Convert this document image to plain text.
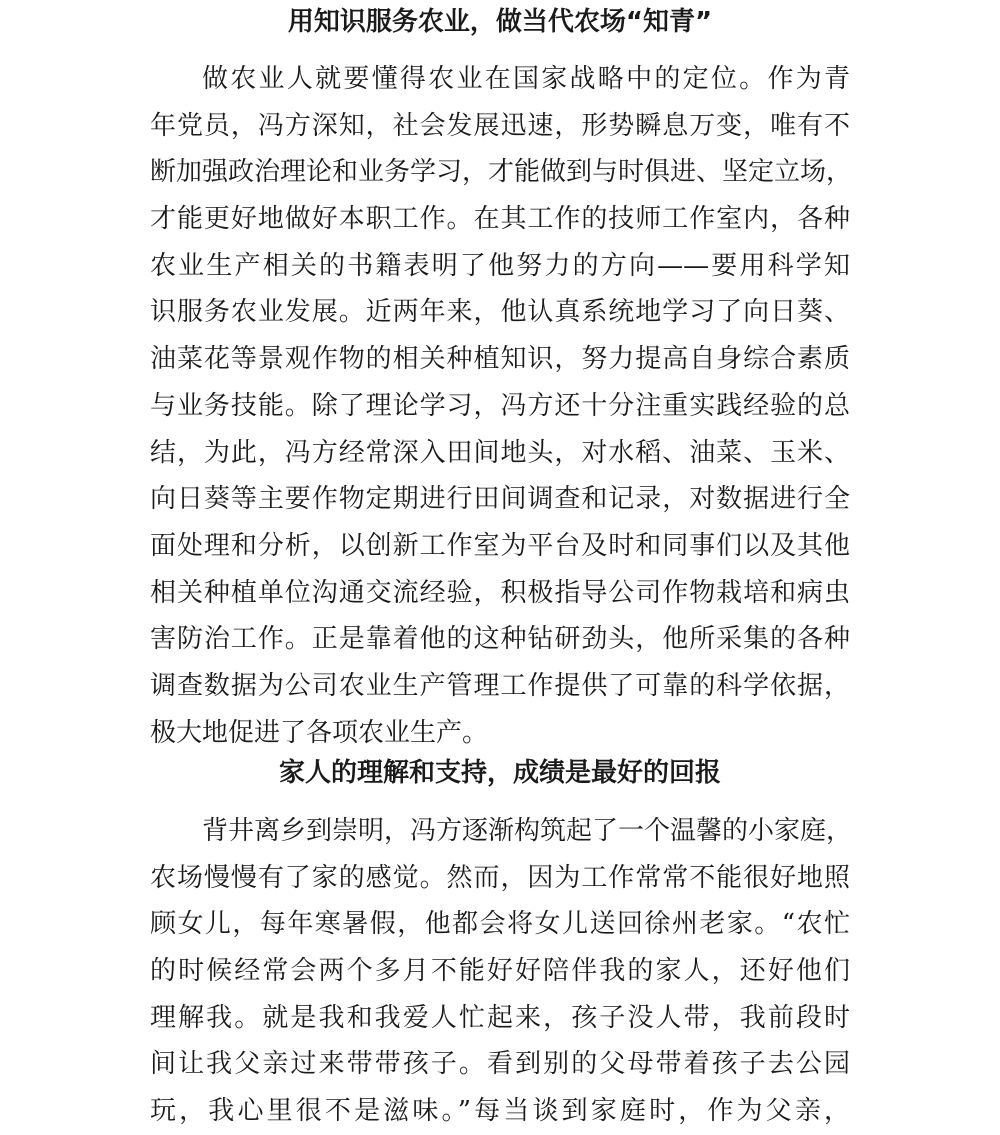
用知识服务农业，做当代农场“知青”
做农业人就要懂得农业在国家战略中的定位。作为青
年党员，冯方深知，社会发展迅速，形势瞬息万变，唯有不
断加强政治理论和业务学习，才能做到与时俱进、坚定立场，
才能更好地做好本职工作。在其工作的技师工作室内，各种
农业生产相关的书籍表明了他努力的方向——要用科学知
识服务农业发展。近两年来，他认真系统地学习了向日葵、
油菜花等景观作物的相关种植知识，努力提高自身综合素质
与业务技能。除了理论学习，冯方还十分注重实践经验的总
结，为此，冯方经常深入田间地头，对水稻、油菜、玉米、
向日葵等主要作物定期进行田间调查和记录，对数据进行全
面处理和分析，以创新工作室为平台及时和同事们以及其他
相关种植单位沟通交流经验，积极指导公司作物栽培和病虫
害防治工作。正是靠着他的这种钻研劲头，他所采集的各种
调查数据为公司农业生产管理工作提供了可靠的科学依据，
极大地促进了各项农业生产。
家人的理解和支持，成绩是最好的回报
背井离乡到崇明，冯方逐渐构筑起了一个温馨的小家庭，
农场慢慢有了家的感觉。然而，因为工作常常不能很好地照
顾女儿，每年寒暑假，他都会将女儿送回徐州老家。“农忙
的时候经常会两个多月不能好好陪伴我的家人，还好他们
理解我。就是我和我爱人忙起来，孩子没人带，我前段时
间让我父亲过来带带孩子。看到别的父母带着孩子去公园
玩，我心里很不是滋味。”每当谈到家庭时，作为父亲，
